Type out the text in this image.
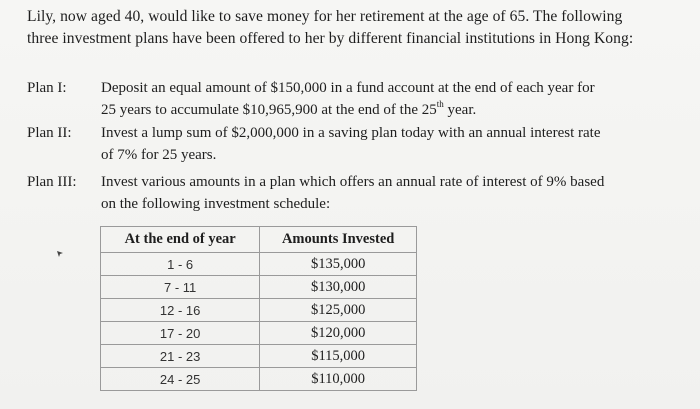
Lily, now aged 40, would like to save money for her retirement at the age of 65. The following
three investment plans have been offered to her by different financial institutions in Hong Kong:
Plan I: Deposit an equal amount of $150,000 in a fund account at the end of each year for
25 years to accumulate $10,965,900 at the end of the 25th year.
Plan II: Invest a lump sum of $2,000,000 in a saving plan today with an annual interest rate
of 7% for 25 years.
Plan III: Invest various amounts in a plan which offers an annual rate of interest of 9% based
on the following investment schedule:
At the end of year	Amounts Invested
1 - 6	$135,000
7 - 11	$130,000
12 - 16	$125,000
17 - 20	$120,000
21 - 23	$115,000
24 - 25	$110,000
